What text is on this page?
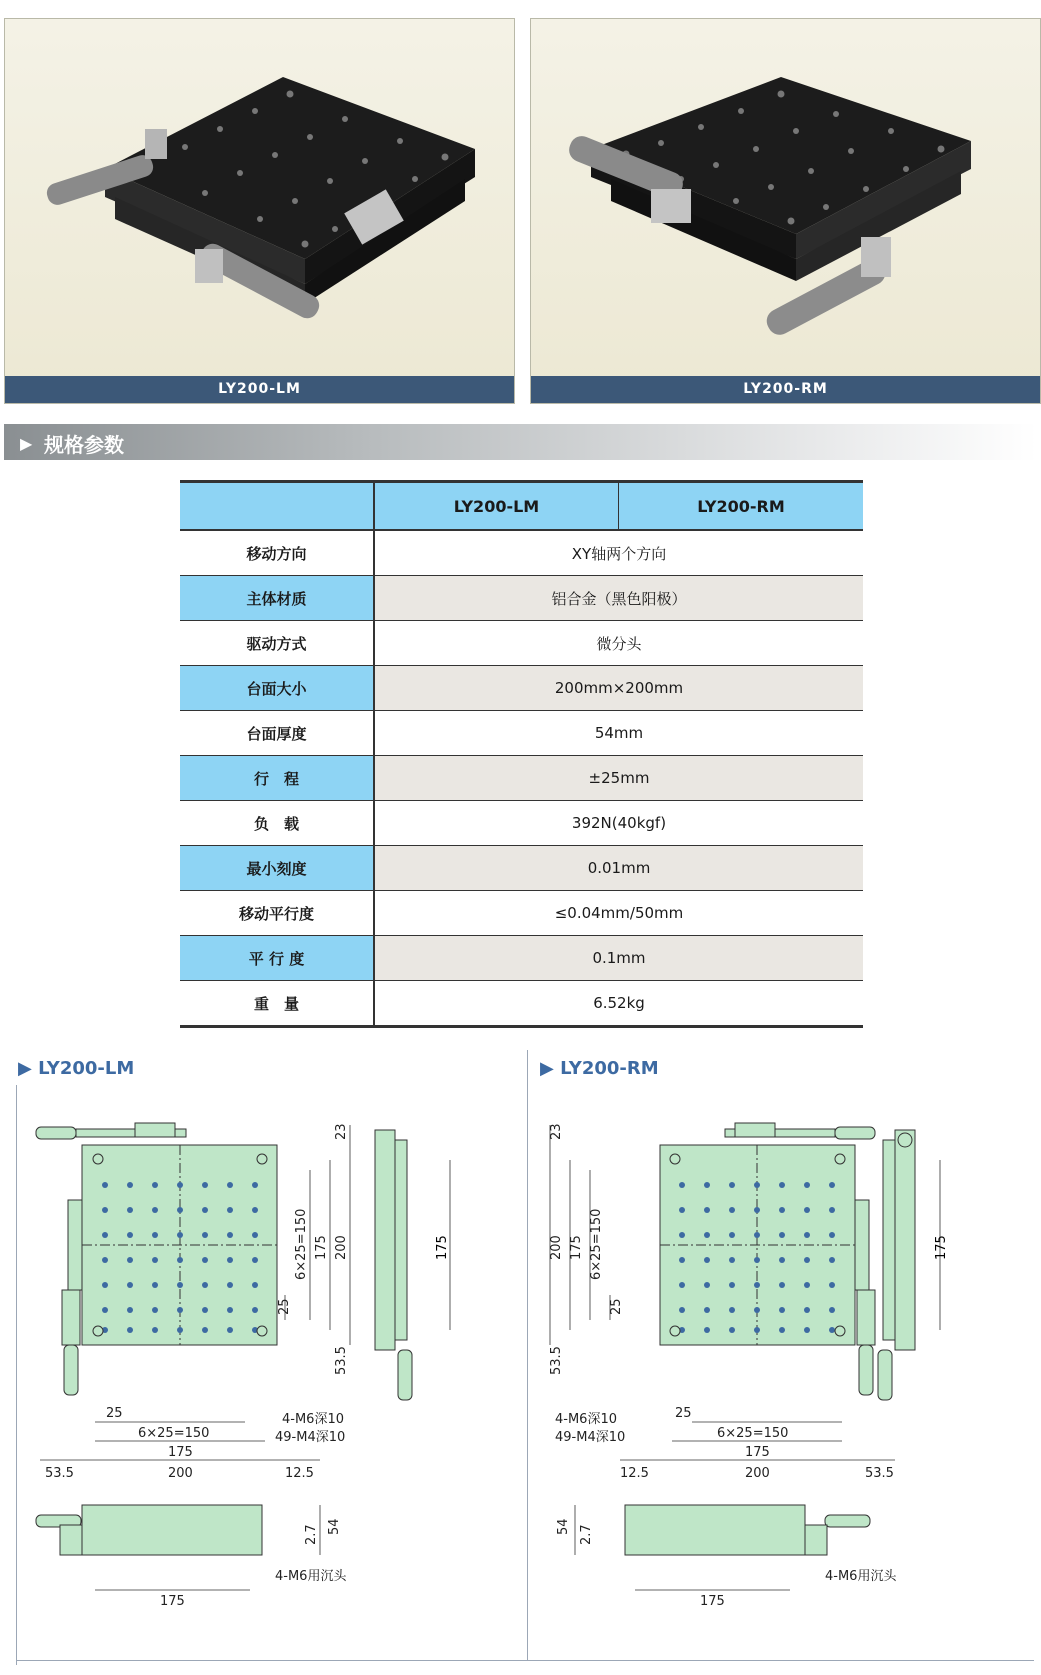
LY200-LM	LY200-RM
▶ 规格参数
	LY200-LM	LY200-RM
移动方向	XY轴两个方向	
主体材质	铝合金（黑色阳极）	
驱动方式	微分头	
台面大小	200mm×200mm	
台面厚度	54mm	
行　程	±25mm	
负　载	392N(40kgf)	
最小刻度	0.01mm	
移动平行度	≤0.04mm/50mm	
平 行 度	0.1mm	
重　量	6.52kg	
▶ LY200-LM	▶ LY200-RM
23
200
175
6×25=150
25
53.5
25
6×25=150
175
200
53.5	12.5
4-M6深10
49-M4深10
175
2.7 54
175
4-M6用沉头
23
200 175 6×25=150
25
53.5
25
6×25=150
175
200	53.5
12.5
4-M6深10
49-M4深10
175
2.7
54
175
4-M6用沉头
